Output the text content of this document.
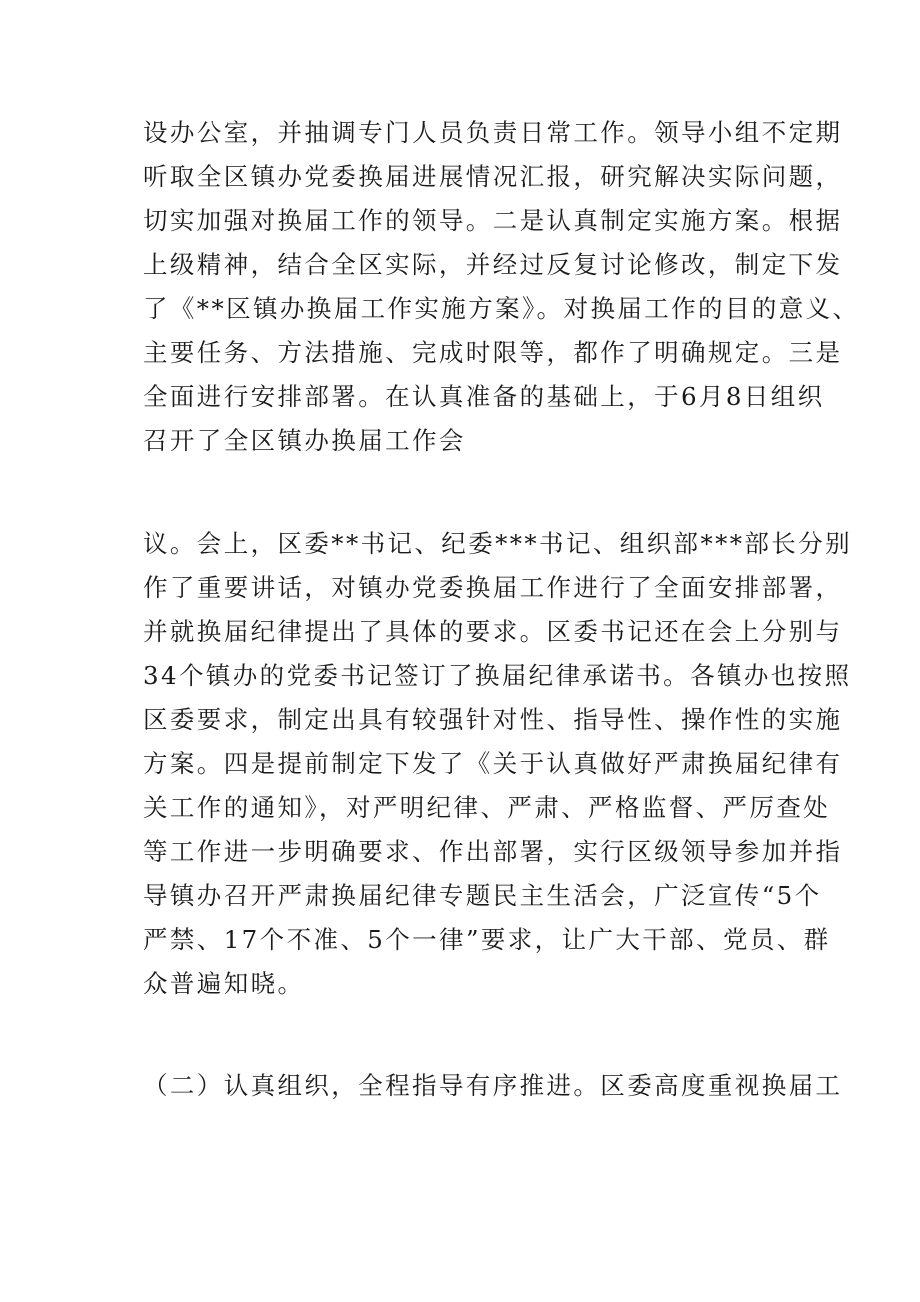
设办公室，并抽调专门人员负责日常工作。领导小组不定期
听取全区镇办党委换届进展情况汇报，研究解决实际问题，
切实加强对换届工作的领导。二是认真制定实施方案。根据
上级精神，结合全区实际，并经过反复讨论修改，制定下发
了《**区镇办换届工作实施方案》。对换届工作的目的意义、
主要任务、方法措施、完成时限等，都作了明确规定。三是
全面进行安排部署。在认真准备的基础上，于6月8日组织
召开了全区镇办换届工作会
议。会上，区委**书记、纪委***书记、组织部***部长分别
作了重要讲话，对镇办党委换届工作进行了全面安排部署，
并就换届纪律提出了具体的要求。区委书记还在会上分别与
34个镇办的党委书记签订了换届纪律承诺书。各镇办也按照
区委要求，制定出具有较强针对性、指导性、操作性的实施
方案。四是提前制定下发了《关于认真做好严肃换届纪律有
关工作的通知》，对严明纪律、严肃、严格监督、严厉查处
等工作进一步明确要求、作出部署，实行区级领导参加并指
导镇办召开严肃换届纪律专题民主生活会，广泛宣传“5个
严禁、17个不准、5个一律”要求，让广大干部、党员、群
众普遍知晓。
（二）认真组织，全程指导有序推进。区委高度重视换届工
